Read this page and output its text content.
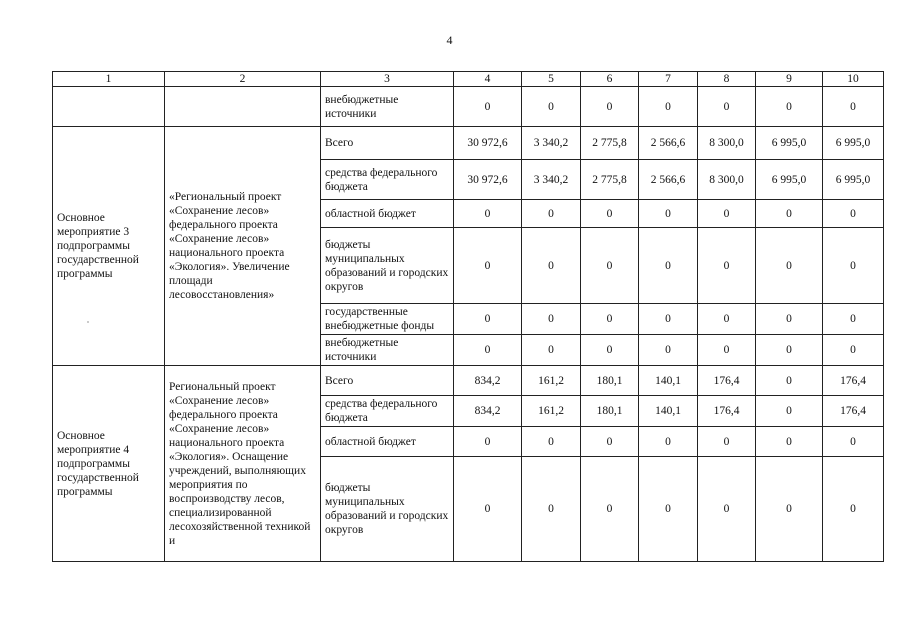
4
1	2	3	4	5	6	7	8	9	10
		внебюджетные источники	0	0	0	0	0	0	0
Основное мероприятие 3 подпрограммы государственной программы	«Региональный проект «Сохранение лесов» федерального проекта «Сохранение лесов» национального проекта «Экология». Увеличение площади лесовосстановления»	Всего	30 972,6	3 340,2	2 775,8	2 566,6	8 300,0	6 995,0	6 995,0
		средства федерального бюджета	30 972,6	3 340,2	2 775,8	2 566,6	8 300,0	6 995,0	6 995,0
		областной бюджет	0	0	0	0	0	0	0
		бюджеты муниципальных образований и городских округов	0	0	0	0	0	0	0
		государственные внебюджетные фонды	0	0	0	0	0	0	0
		внебюджетные источники	0	0	0	0	0	0	0
Основное мероприятие 4 подпрограммы государственной программы	Региональный проект «Сохранение лесов» федерального проекта «Сохранение лесов» национального проекта «Экология». Оснащение учреждений, выполняющих мероприятия по воспроизводству лесов, специализированной лесохозяйственной техникой и	Всего	834,2	161,2	180,1	140,1	176,4	0	176,4
		средства федерального бюджета	834,2	161,2	180,1	140,1	176,4	0	176,4
		областной бюджет	0	0	0	0	0	0	0
		бюджеты муниципальных образований и городских округов	0	0	0	0	0	0	0
